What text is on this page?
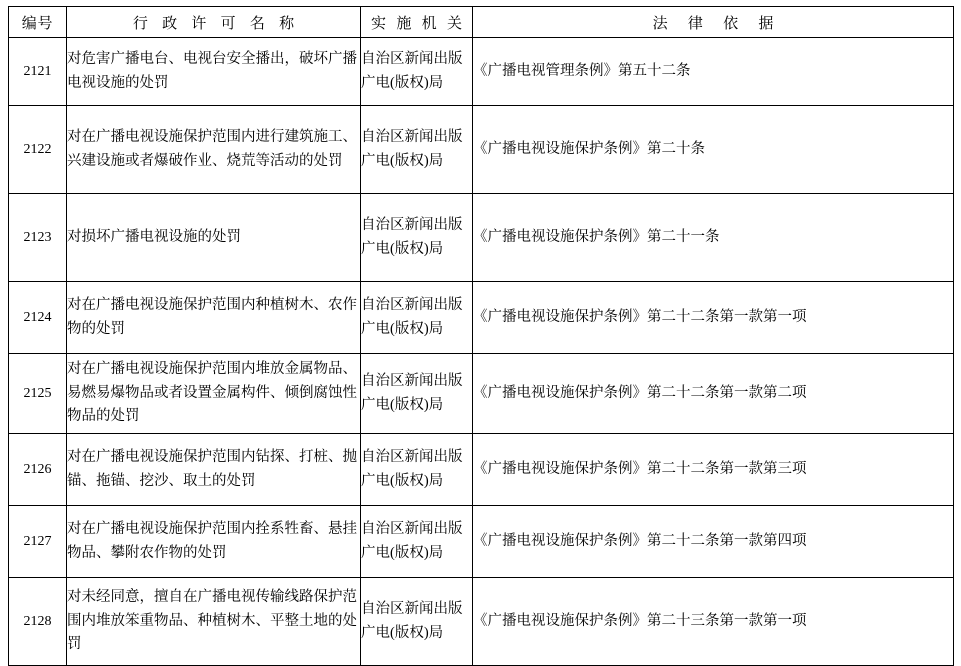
编号	行 政 许 可 名 称	实 施 机 关	法 律 依 据
2121	对危害广播电台、电视台安全播出，破坏广播电视设施的处罚	自治区新闻出版广电(版权)局	《广播电视管理条例》第五十二条
2122	对在广播电视设施保护范围内进行建筑施工、兴建设施或者爆破作业、烧荒等活动的处罚	自治区新闻出版广电(版权)局	《广播电视设施保护条例》第二十条
2123	对损坏广播电视设施的处罚	自治区新闻出版广电(版权)局	《广播电视设施保护条例》第二十一条
2124	对在广播电视设施保护范围内种植树木、农作物的处罚	自治区新闻出版广电(版权)局	《广播电视设施保护条例》第二十二条第一款第一项
2125	对在广播电视设施保护范围内堆放金属物品、易燃易爆物品或者设置金属构件、倾倒腐蚀性物品的处罚	自治区新闻出版广电(版权)局	《广播电视设施保护条例》第二十二条第一款第二项
2126	对在广播电视设施保护范围内钻探、打桩、抛锚、拖锚、挖沙、取土的处罚	自治区新闻出版广电(版权)局	《广播电视设施保护条例》第二十二条第一款第三项
2127	对在广播电视设施保护范围内拴系牲畜、悬挂物品、攀附农作物的处罚	自治区新闻出版广电(版权)局	《广播电视设施保护条例》第二十二条第一款第四项
2128	对未经同意，擅自在广播电视传输线路保护范围内堆放笨重物品、种植树木、平整土地的处罚	自治区新闻出版广电(版权)局	《广播电视设施保护条例》第二十三条第一款第一项
